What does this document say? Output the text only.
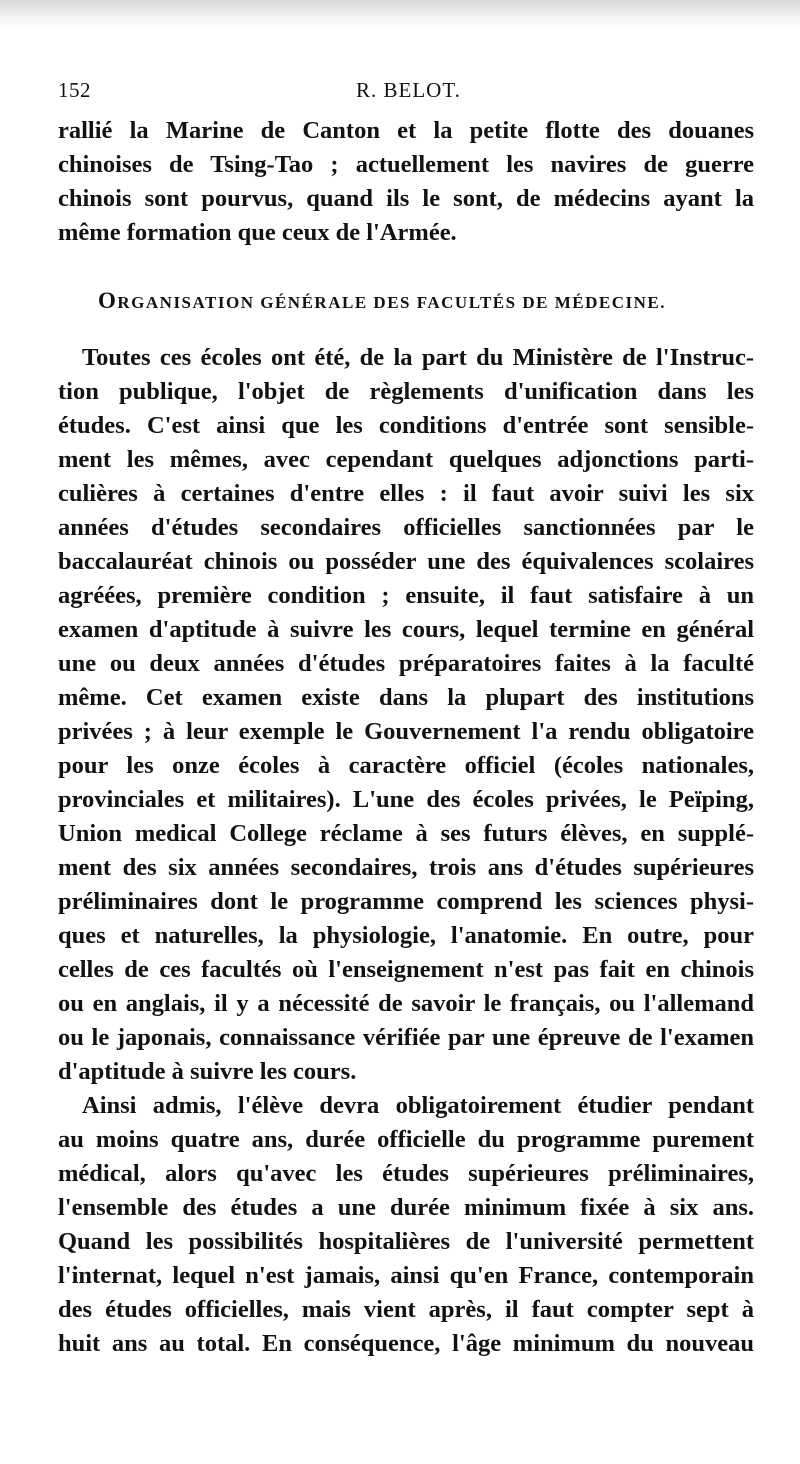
152	R. BELOT.
rallié la Marine de Canton et la petite flotte des douanes
chinoises de Tsing-Tao ; actuellement les navires de guerre
chinois sont pourvus, quand ils le sont, de médecins ayant la
même formation que ceux de l'Armée.
ORGANISATION GÉNÉRALE DES FACULTÉS DE MÉDECINE.
Toutes ces écoles ont été, de la part du Ministère de l'Instruc-
tion publique, l'objet de règlements d'unification dans les
études. C'est ainsi que les conditions d'entrée sont sensible-
ment les mêmes, avec cependant quelques adjonctions parti-
culières à certaines d'entre elles : il faut avoir suivi les six
années d'études secondaires officielles sanctionnées par le
baccalauréat chinois ou posséder une des équivalences scolaires
agréées, première condition ; ensuite, il faut satisfaire à un
examen d'aptitude à suivre les cours, lequel termine en général
une ou deux années d'études préparatoires faites à la faculté
même. Cet examen existe dans la plupart des institutions
privées ; à leur exemple le Gouvernement l'a rendu obligatoire
pour les onze écoles à caractère officiel (écoles nationales,
provinciales et militaires). L'une des écoles privées, le Peïping,
Union medical College réclame à ses futurs élèves, en supplé-
ment des six années secondaires, trois ans d'études supérieures
préliminaires dont le programme comprend les sciences physi-
ques et naturelles, la physiologie, l'anatomie. En outre, pour
celles de ces facultés où l'enseignement n'est pas fait en chinois
ou en anglais, il y a nécessité de savoir le français, ou l'allemand
ou le japonais, connaissance vérifiée par une épreuve de l'examen
d'aptitude à suivre les cours.
Ainsi admis, l'élève devra obligatoirement étudier pendant
au moins quatre ans, durée officielle du programme purement
médical, alors qu'avec les études supérieures préliminaires,
l'ensemble des études a une durée minimum fixée à six ans.
Quand les possibilités hospitalières de l'université permettent
l'internat, lequel n'est jamais, ainsi qu'en France, contemporain
des études officielles, mais vient après, il faut compter sept à
huit ans au total. En conséquence, l'âge minimum du nouveau
